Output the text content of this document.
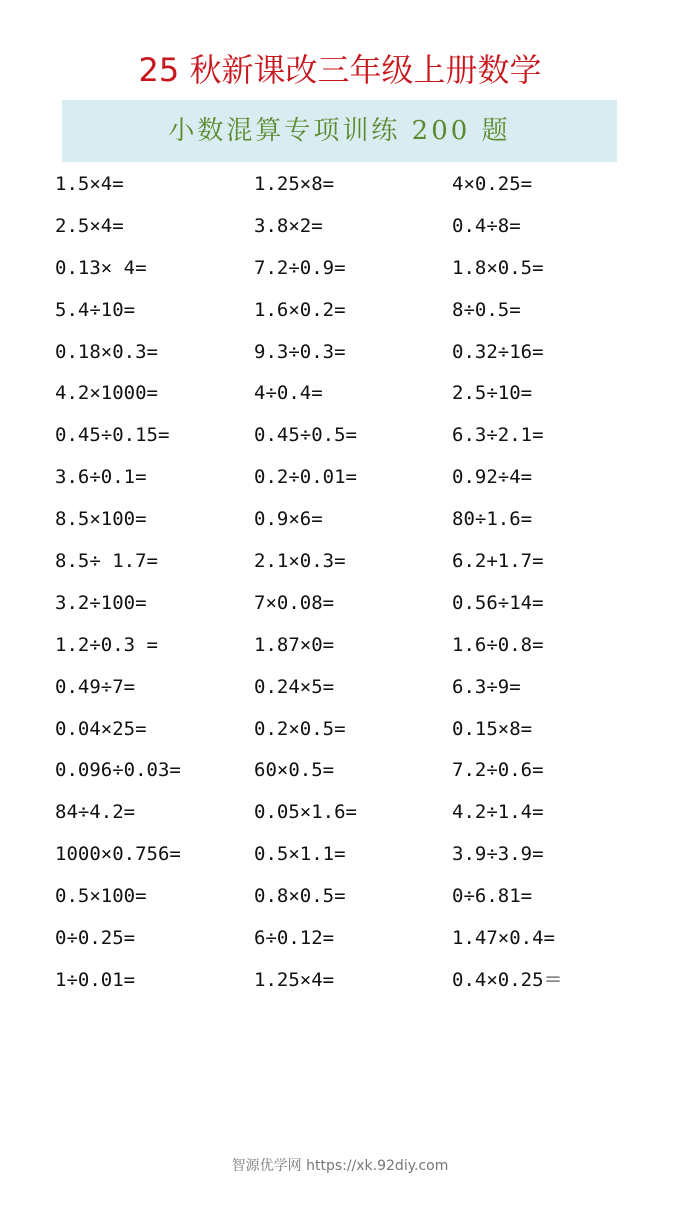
25 秋新课改三年级上册数学
小数混算专项训练 200 题
1.5×4=	1.25×8=	4×0.25=
2.5×4=	3.8×2=	0.4÷8=
0.13× 4=	7.2÷0.9=	1.8×0.5=
5.4÷10=	1.6×0.2=	8÷0.5=
0.18×0.3=	9.3÷0.3=	0.32÷16=
4.2×1000=	4÷0.4=	2.5÷10=
0.45÷0.15=	0.45÷0.5=	6.3÷2.1=
3.6÷0.1=	0.2÷0.01=	0.92÷4=
8.5×100=	0.9×6=	80÷1.6=
8.5÷ 1.7=	2.1×0.3=	6.2+1.7=
3.2÷100=	7×0.08=	0.56÷14=
1.2÷0.3 =	1.87×0=	1.6÷0.8=
0.49÷7=	0.24×5=	6.3÷9=
0.04×25=	0.2×0.5=	0.15×8=
0.096÷0.03=	60×0.5=	7.2÷0.6=
84÷4.2=	0.05×1.6=	4.2÷1.4=
1000×0.756=	0.5×1.1=	3.9÷3.9=
0.5×100=	0.8×0.5=	0÷6.81=
0÷0.25=	6÷0.12=	1.47×0.4=
1÷0.01=	1.25×4=	0.4×0.25＝
智源优学网 https://xk.92diy.com
